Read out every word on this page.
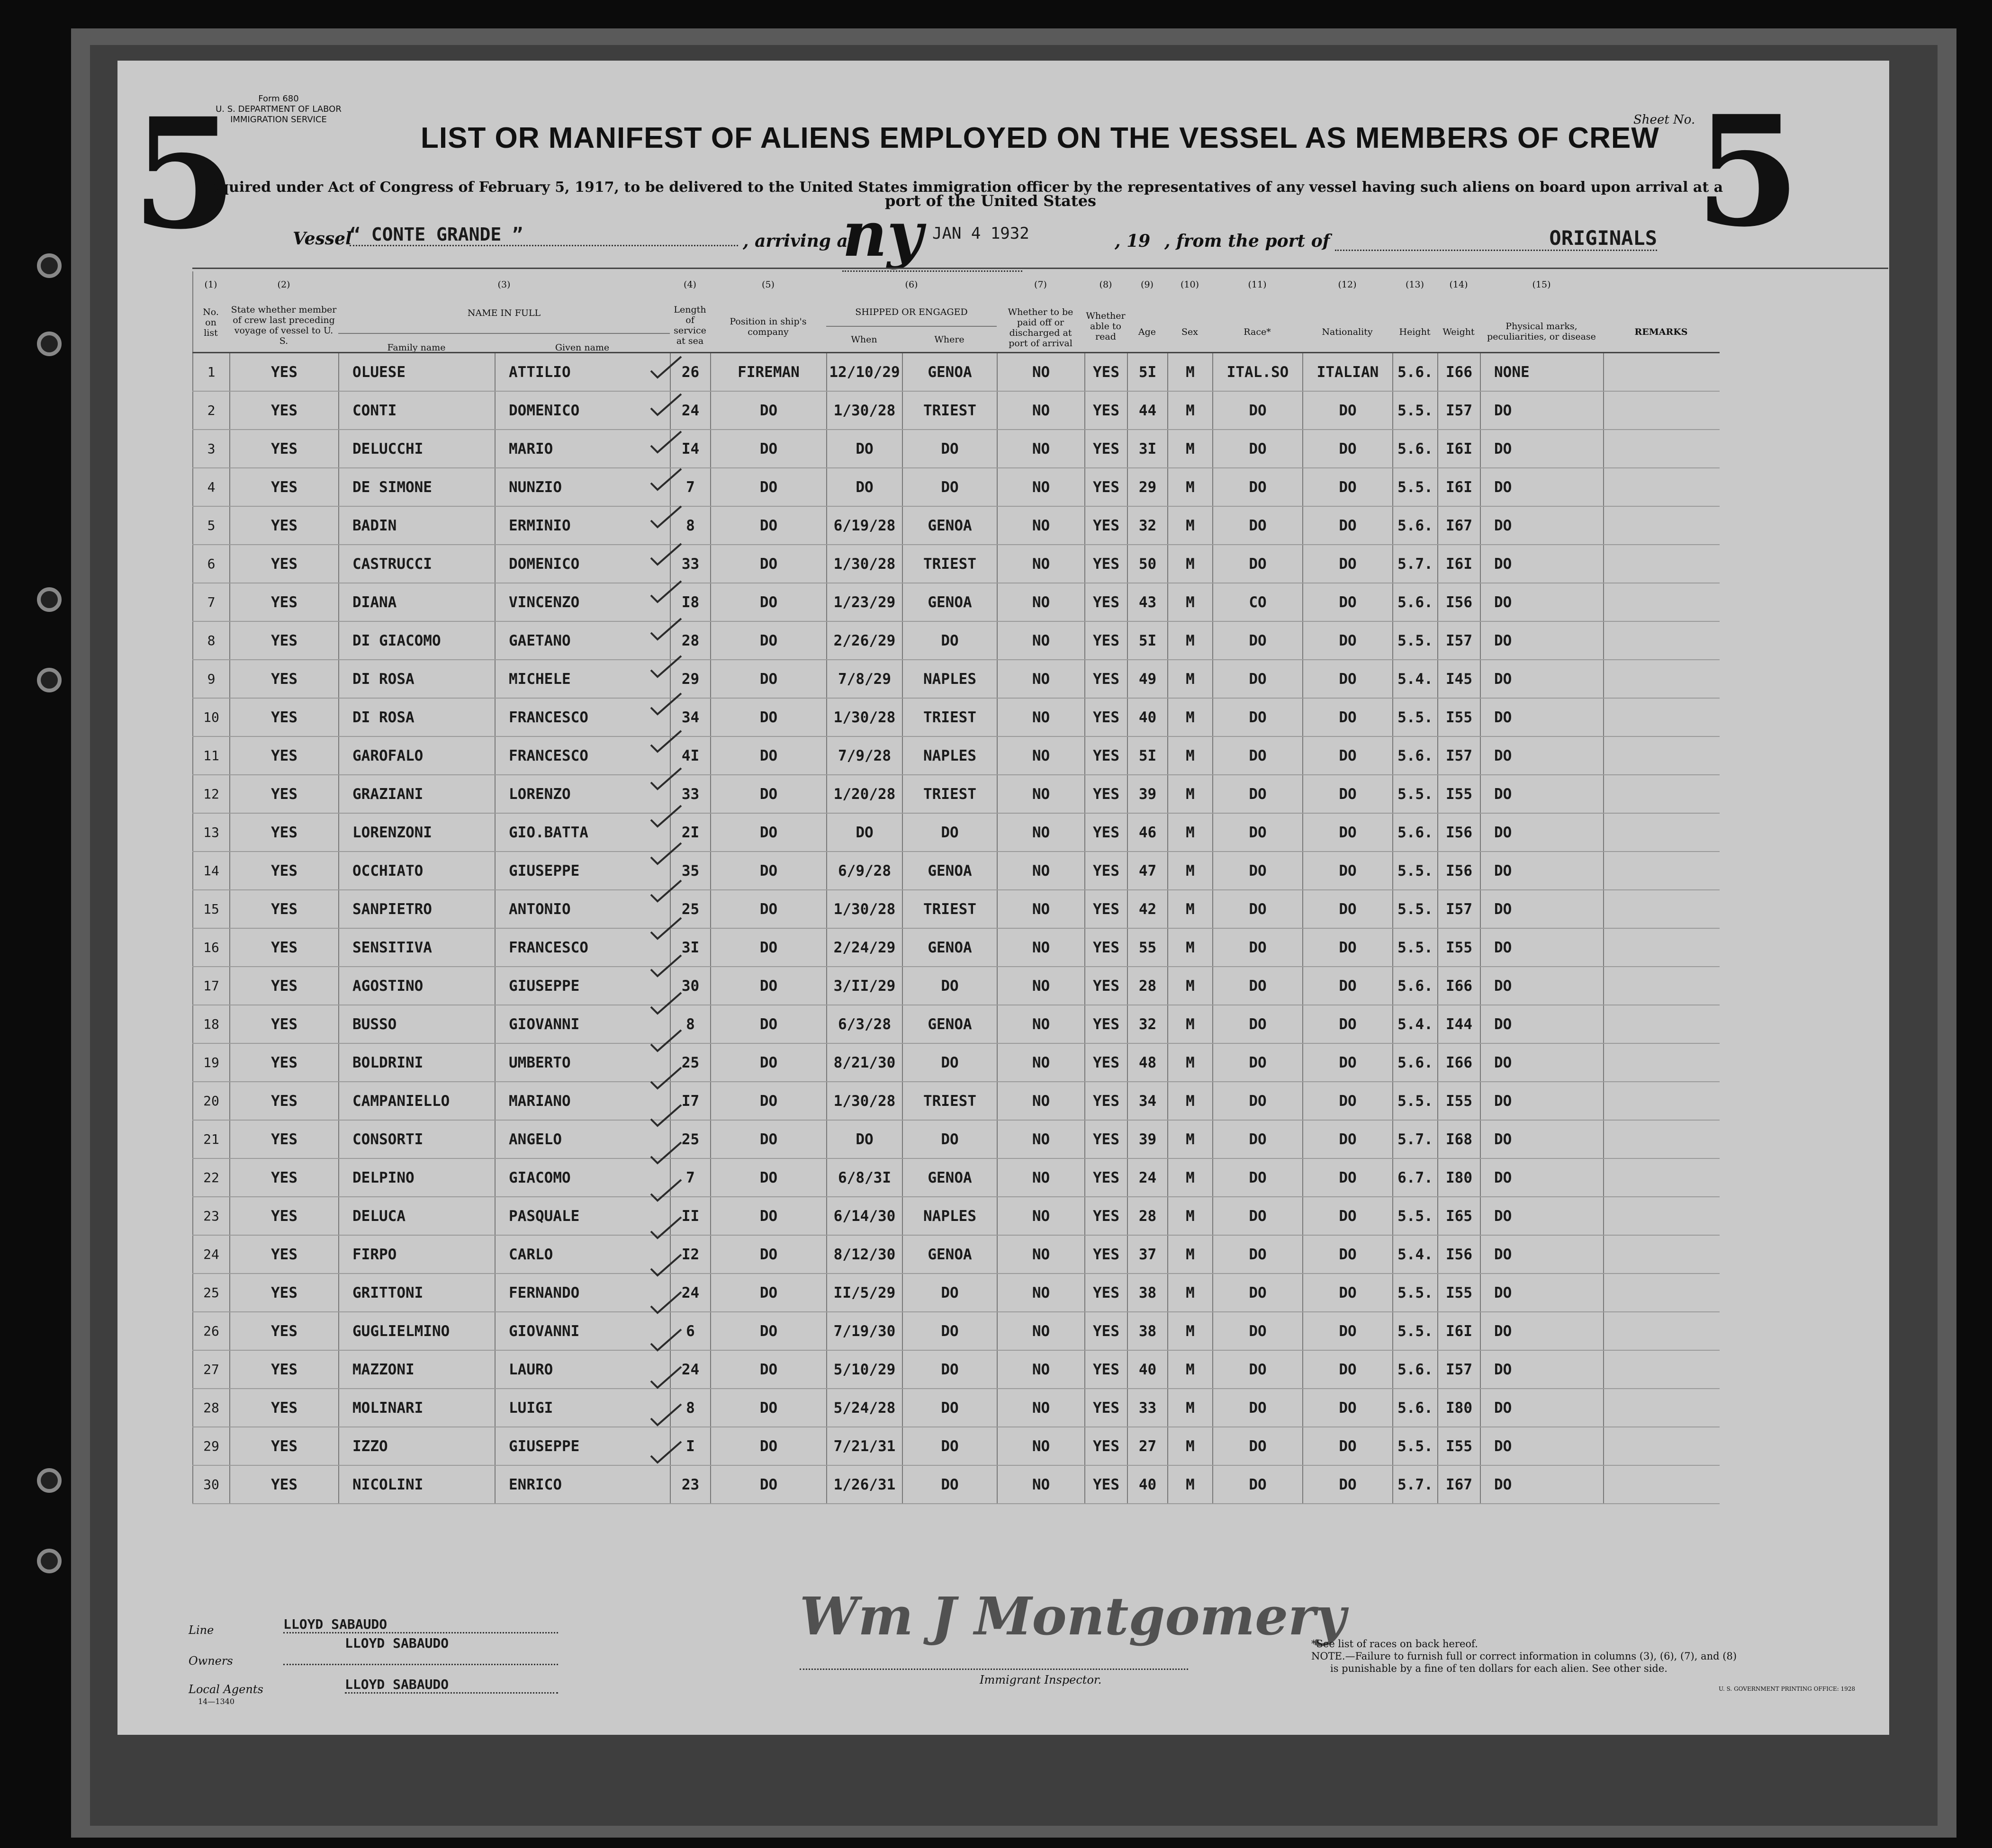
5	Form 680
U. S. DEPARTMENT OF LABOR
IMMIGRATION SERVICE
LIST OR MANIFEST OF ALIENS EMPLOYED ON THE VESSEL AS MEMBERS OF CREW
Sheet No. 5
Required under Act of Congress of February 5, 1917, to be delivered to the United States immigration officer by the representatives of any vessel having such aliens on board upon arrival at a
port of the United States
Vessel
“ CONTE GRANDE ”	, arriving at
ny JAN 4 1932	, 19 , from the port of	ORIGINALS
(1)
No. on list
(2)
State whether member of crew last preceding voyage of vessel to U. S.
(3)
NAME IN FULL
Family name	Given name
(4)
Length of service at sea
(5)
Position in ship's company
(6)
SHIPPED OR ENGAGED
When	Where
(7)
Whether to be paid off or discharged at port of arrival
(8)
Whether able to read
(9)
Age
(10)
Sex
(11)
Race*
(12)
Nationality
(13)
Height
(14)
Weight
(15)
Physical marks, peculiarities, or disease	REMARKS

1	YES	OLUESE	ATTILIO	26	FIREMAN	12/10/29	GENOA	NO	YES	5I	M	ITAL.SO	ITALIAN	5.6.	I66	NONE	
2	YES	CONTI	DOMENICO	24	DO	1/30/28	TRIEST	NO	YES	44	M	DO	DO	5.5.	I57	DO	
3	YES	DELUCCHI	MARIO	I4	DO	DO	DO	NO	YES	3I	M	DO	DO	5.6.	I6I	DO	
4	YES	DE SIMONE	NUNZIO	7	DO	DO	DO	NO	YES	29	M	DO	DO	5.5.	I6I	DO	
5	YES	BADIN	ERMINIO	8	DO	6/19/28	GENOA	NO	YES	32	M	DO	DO	5.6.	I67	DO	
6	YES	CASTRUCCI	DOMENICO	33	DO	1/30/28	TRIEST	NO	YES	50	M	DO	DO	5.7.	I6I	DO	
7	YES	DIANA	VINCENZO	I8	DO	1/23/29	GENOA	NO	YES	43	M	CO	DO	5.6.	I56	DO	
8	YES	DI GIACOMO	GAETANO	28	DO	2/26/29	DO	NO	YES	5I	M	DO	DO	5.5.	I57	DO	
9	YES	DI ROSA	MICHELE	29	DO	7/8/29	NAPLES	NO	YES	49	M	DO	DO	5.4.	I45	DO	
10	YES	DI ROSA	FRANCESCO	34	DO	1/30/28	TRIEST	NO	YES	40	M	DO	DO	5.5.	I55	DO	
11	YES	GAROFALO	FRANCESCO	4I	DO	7/9/28	NAPLES	NO	YES	5I	M	DO	DO	5.6.	I57	DO	
12	YES	GRAZIANI	LORENZO	33	DO	1/20/28	TRIEST	NO	YES	39	M	DO	DO	5.5.	I55	DO	
13	YES	LORENZONI	GIO.BATTA	2I	DO	DO	DO	NO	YES	46	M	DO	DO	5.6.	I56	DO	
14	YES	OCCHIATO	GIUSEPPE	35	DO	6/9/28	GENOA	NO	YES	47	M	DO	DO	5.5.	I56	DO	
15	YES	SANPIETRO	ANTONIO	25	DO	1/30/28	TRIEST	NO	YES	42	M	DO	DO	5.5.	I57	DO	
16	YES	SENSITIVA	FRANCESCO	3I	DO	2/24/29	GENOA	NO	YES	55	M	DO	DO	5.5.	I55	DO	
17	YES	AGOSTINO	GIUSEPPE	30	DO	3/II/29	DO	NO	YES	28	M	DO	DO	5.6.	I66	DO	
18	YES	BUSSO	GIOVANNI	8	DO	6/3/28	GENOA	NO	YES	32	M	DO	DO	5.4.	I44	DO	
19	YES	BOLDRINI	UMBERTO	25	DO	8/21/30	DO	NO	YES	48	M	DO	DO	5.6.	I66	DO	
20	YES	CAMPANIELLO	MARIANO	I7	DO	1/30/28	TRIEST	NO	YES	34	M	DO	DO	5.5.	I55	DO	
21	YES	CONSORTI	ANGELO	25	DO	DO	DO	NO	YES	39	M	DO	DO	5.7.	I68	DO	
22	YES	DELPINO	GIACOMO	7	DO	6/8/3I	GENOA	NO	YES	24	M	DO	DO	6.7.	I80	DO	
23	YES	DELUCA	PASQUALE	II	DO	6/14/30	NAPLES	NO	YES	28	M	DO	DO	5.5.	I65	DO	
24	YES	FIRPO	CARLO	I2	DO	8/12/30	GENOA	NO	YES	37	M	DO	DO	5.4.	I56	DO	
25	YES	GRITTONI	FERNANDO	24	DO	II/5/29	DO	NO	YES	38	M	DO	DO	5.5.	I55	DO	
26	YES	GUGLIELMINO	GIOVANNI	6	DO	7/19/30	DO	NO	YES	38	M	DO	DO	5.5.	I6I	DO	
27	YES	MAZZONI	LAURO	24	DO	5/10/29	DO	NO	YES	40	M	DO	DO	5.6.	I57	DO	
28	YES	MOLINARI	LUIGI	8	DO	5/24/28	DO	NO	YES	33	M	DO	DO	5.6.	I80	DO	
29	YES	IZZO	GIUSEPPE	I	DO	7/21/31	DO	NO	YES	27	M	DO	DO	5.5.	I55	DO	
30	YES	NICOLINI	ENRICO	23	DO	1/26/31	DO	NO	YES	40	M	DO	DO	5.7.	I67	DO	
Line	LLOYD SABAUDO
LLOYD SABAUDO
Owners
Local Agents
14—1340
LLOYD SABAUDO
Wm J Montgomery
Immigrant Inspector.
*See list of races on back hereof.
NOTE.—Failure to furnish full or correct information in columns (3), (6), (7), and (8)
is punishable by a fine of ten dollars for each alien. See other side.
U. S. GOVERNMENT PRINTING OFFICE: 1928
